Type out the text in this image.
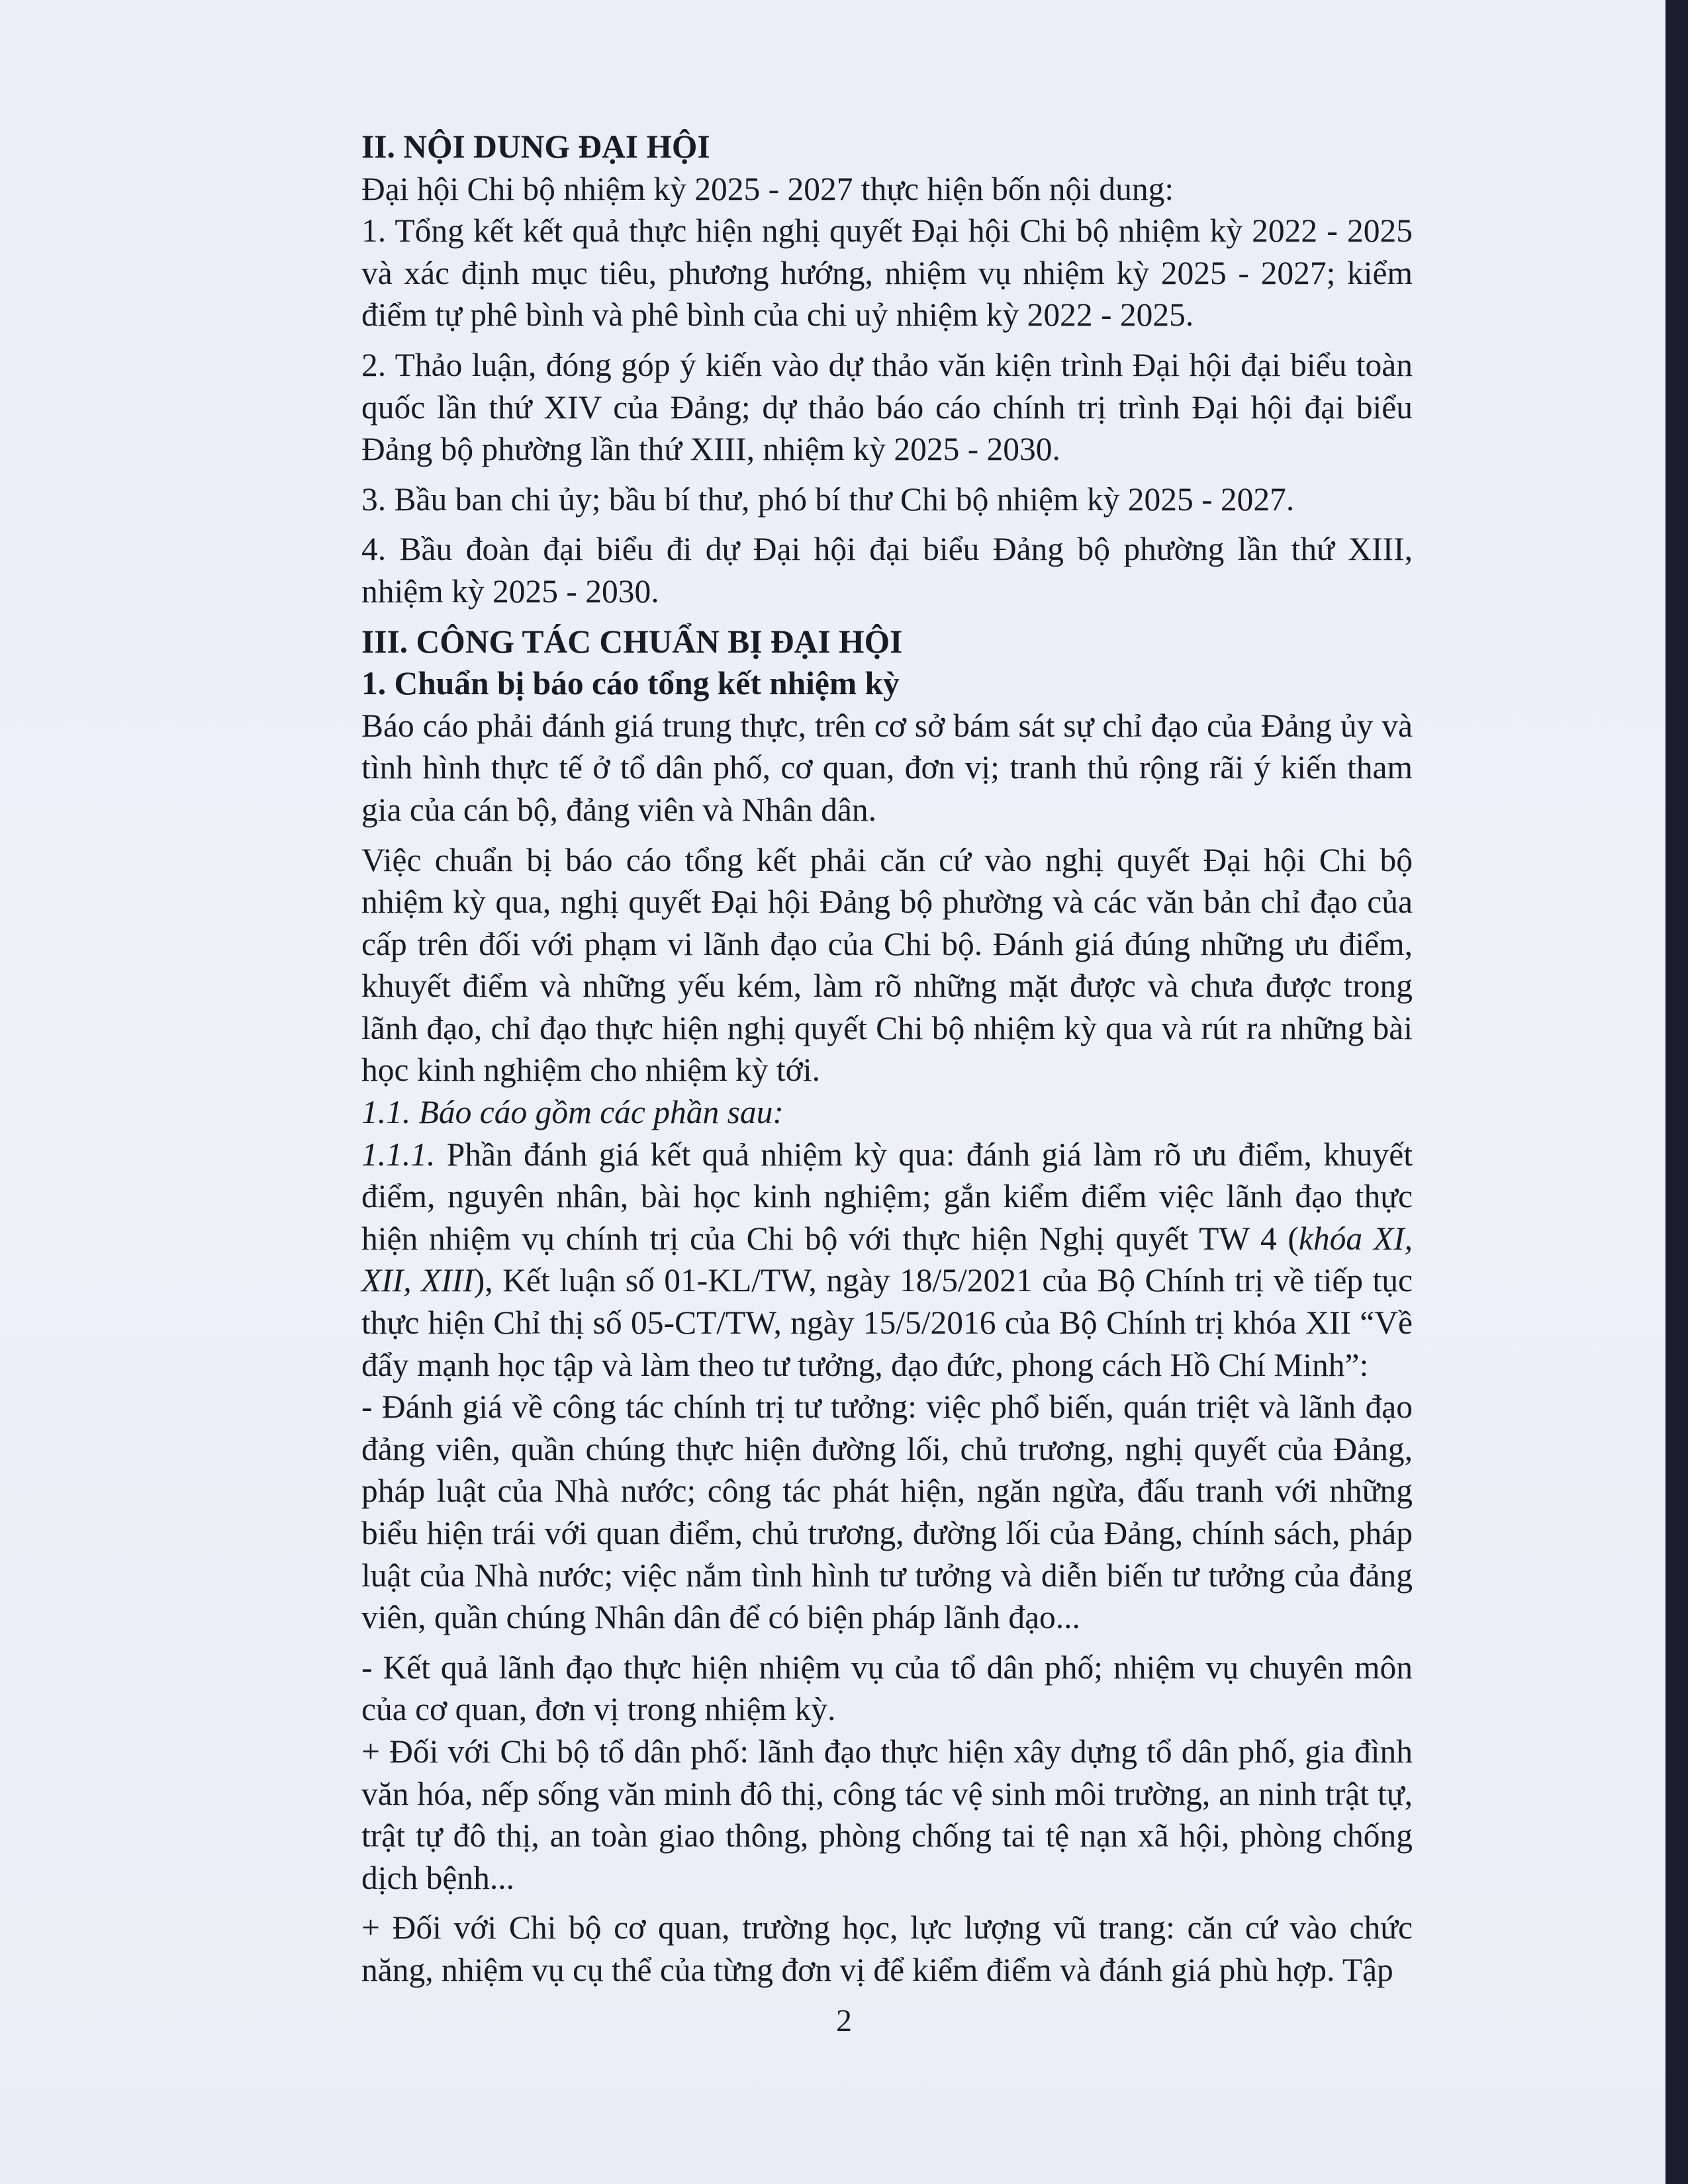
II. NỘI DUNG ĐẠI HỘI

Đại hội Chi bộ nhiệm kỳ 2025 - 2027 thực hiện bốn nội dung:

1. Tổng kết kết quả thực hiện nghị quyết Đại hội Chi bộ nhiệm kỳ 2022 - 2025 và xác định mục tiêu, phương hướng, nhiệm vụ nhiệm kỳ 2025 - 2027; kiểm điểm tự phê bình và phê bình của chi uỷ nhiệm kỳ 2022 - 2025.

2. Thảo luận, đóng góp ý kiến vào dự thảo văn kiện trình Đại hội đại biểu toàn quốc lần thứ XIV của Đảng; dự thảo báo cáo chính trị trình Đại hội đại biểu Đảng bộ phường lần thứ XIII, nhiệm kỳ 2025 - 2030.

3. Bầu ban chi ủy; bầu bí thư, phó bí thư Chi bộ nhiệm kỳ 2025 - 2027.

4. Bầu đoàn đại biểu đi dự Đại hội đại biểu Đảng bộ phường lần thứ XIII, nhiệm kỳ 2025 - 2030.

III. CÔNG TÁC CHUẨN BỊ ĐẠI HỘI

1. Chuẩn bị báo cáo tổng kết nhiệm kỳ

Báo cáo phải đánh giá trung thực, trên cơ sở bám sát sự chỉ đạo của Đảng ủy và tình hình thực tế ở tổ dân phố, cơ quan, đơn vị; tranh thủ rộng rãi ý kiến tham gia của cán bộ, đảng viên và Nhân dân.

Việc chuẩn bị báo cáo tổng kết phải căn cứ vào nghị quyết Đại hội Chi bộ nhiệm kỳ qua, nghị quyết Đại hội Đảng bộ phường và các văn bản chỉ đạo của cấp trên đối với phạm vi lãnh đạo của Chi bộ. Đánh giá đúng những ưu điểm, khuyết điểm và những yếu kém, làm rõ những mặt được và chưa được trong lãnh đạo, chỉ đạo thực hiện nghị quyết Chi bộ nhiệm kỳ qua và rút ra những bài học kinh nghiệm cho nhiệm kỳ tới.

1.1. Báo cáo gồm các phần sau:

1.1.1. Phần đánh giá kết quả nhiệm kỳ qua: đánh giá làm rõ ưu điểm, khuyết điểm, nguyên nhân, bài học kinh nghiệm; gắn kiểm điểm việc lãnh đạo thực hiện nhiệm vụ chính trị của Chi bộ với thực hiện Nghị quyết TW 4 (khóa XI, XII, XIII), Kết luận số 01-KL/TW, ngày 18/5/2021 của Bộ Chính trị về tiếp tục thực hiện Chỉ thị số 05-CT/TW, ngày 15/5/2016 của Bộ Chính trị khóa XII “Về đẩy mạnh học tập và làm theo tư tưởng, đạo đức, phong cách Hồ Chí Minh”:

- Đánh giá về công tác chính trị tư tưởng: việc phổ biến, quán triệt và lãnh đạo đảng viên, quần chúng thực hiện đường lối, chủ trương, nghị quyết của Đảng, pháp luật của Nhà nước; công tác phát hiện, ngăn ngừa, đấu tranh với những biểu hiện trái với quan điểm, chủ trương, đường lối của Đảng, chính sách, pháp luật của Nhà nước; việc nắm tình hình tư tưởng và diễn biến tư tưởng của đảng viên, quần chúng Nhân dân để có biện pháp lãnh đạo...

- Kết quả lãnh đạo thực hiện nhiệm vụ của tổ dân phố; nhiệm vụ chuyên môn của cơ quan, đơn vị trong nhiệm kỳ.

+ Đối với Chi bộ tổ dân phố: lãnh đạo thực hiện xây dựng tổ dân phố, gia đình văn hóa, nếp sống văn minh đô thị, công tác vệ sinh môi trường, an ninh trật tự, trật tự đô thị, an toàn giao thông, phòng chống tai tệ nạn xã hội, phòng chống dịch bệnh...

+ Đối với Chi bộ cơ quan, trường học, lực lượng vũ trang: căn cứ vào chức năng, nhiệm vụ cụ thể của từng đơn vị để kiểm điểm và đánh giá phù hợp. Tập

2
